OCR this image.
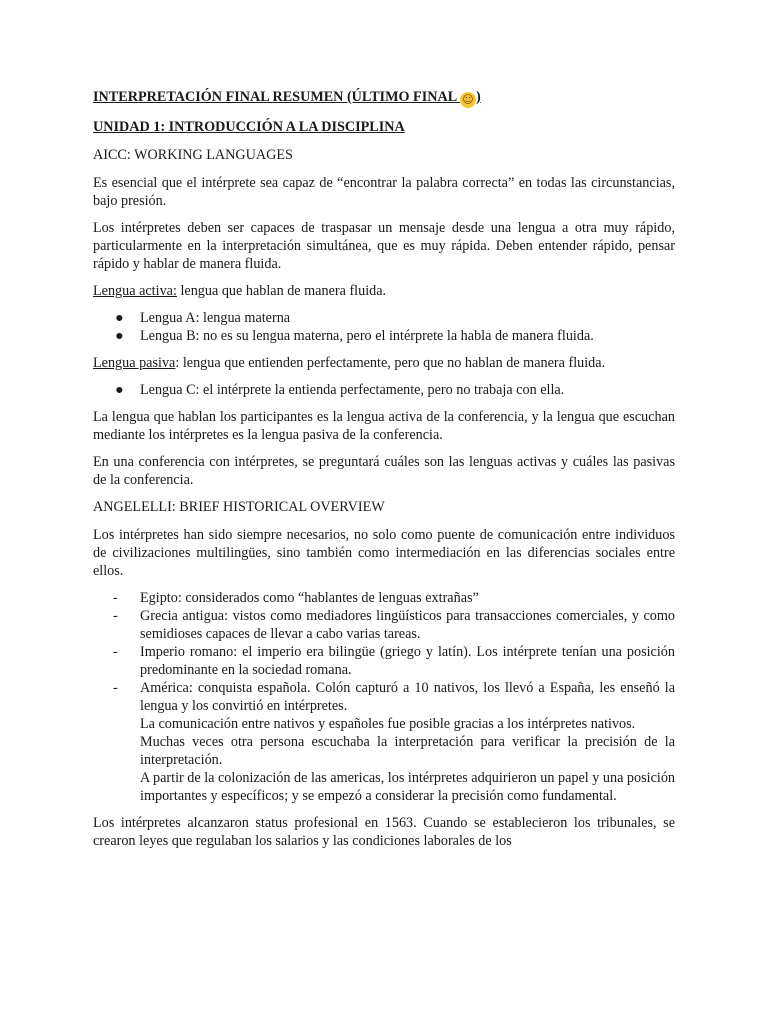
INTERPRETACIÓN FINAL RESUMEN (ÚLTIMO FINAL ☺ )

UNIDAD 1: INTRODUCCIÓN A LA DISCIPLINA

AICC: WORKING LANGUAGES

Es esencial que el intérprete sea capaz de “encontrar la palabra correcta” en todas las circunstancias, bajo presión.

Los intérpretes deben ser capaces de traspasar un mensaje desde una lengua a otra muy rápido, particularmente en la interpretación simultánea, que es muy rápida. Deben entender rápido, pensar rápido y hablar de manera fluida.

Lengua activa: lengua que hablan de manera fluida.

● Lengua A: lengua materna
● Lengua B: no es su lengua materna, pero el intérprete la habla de manera fluida.

Lengua pasiva: lengua que entienden perfectamente, pero que no hablan de manera fluida.

● Lengua C: el intérprete la entienda perfectamente, pero no trabaja con ella.

La lengua que hablan los participantes es la lengua activa de la conferencia, y la lengua que escuchan mediante los intérpretes es la lengua pasiva de la conferencia.

En una conferencia con intérpretes, se preguntará cuáles son las lenguas activas y cuáles las pasivas de la conferencia.

ANGELELLI: BRIEF HISTORICAL OVERVIEW

Los intérpretes han sido siempre necesarios, no solo como puente de comunicación entre individuos de civilizaciones multilingües, sino también como intermediación en las diferencias sociales entre ellos.

- Egipto: considerados como “hablantes de lenguas extrañas”
- Grecia antigua: vistos como mediadores lingüísticos para transacciones comerciales, y como semidioses capaces de llevar a cabo varias tareas.
- Imperio romano: el imperio era bilingüe (griego y latín). Los intérprete tenían una posición predominante en la sociedad romana.
- América: conquista española. Colón capturó a 10 nativos, los llevó a España, les enseñó la lengua y los convirtió en intérpretes.
La comunicación entre nativos y españoles fue posible gracias a los intérpretes nativos.
Muchas veces otra persona escuchaba la interpretación para verificar la precisión de la interpretación.
A partir de la colonización de las americas, los intérpretes adquirieron un papel y una posición importantes y específicos; y se empezó a considerar la precisión como fundamental.

Los intérpretes alcanzaron status profesional en 1563. Cuando se establecieron los tribunales, se crearon leyes que regulaban los salarios y las condiciones laborales de los
